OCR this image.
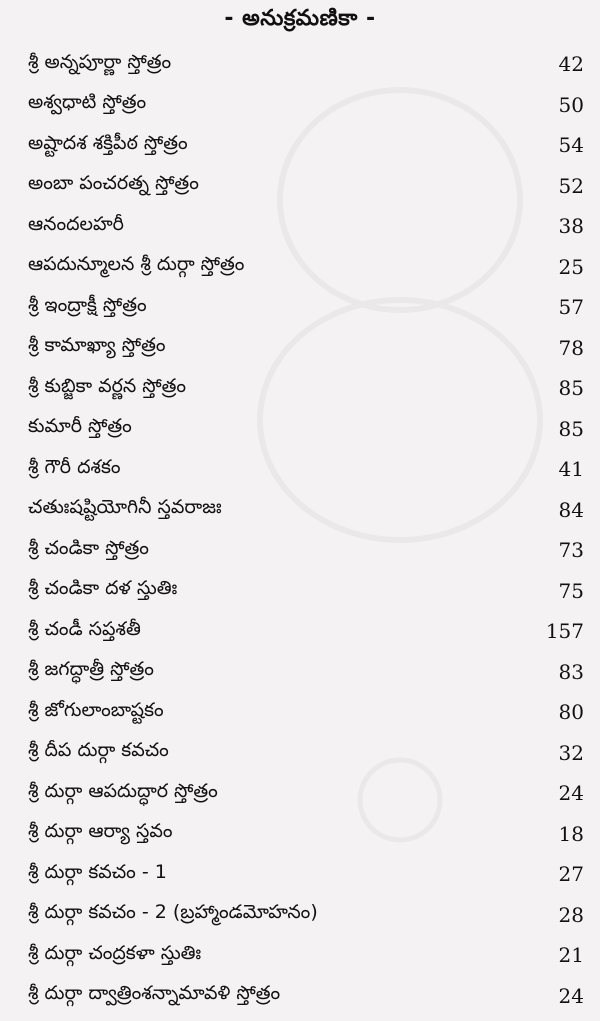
- అనుక్రమణికా -
శ్రీ అన్నపూర్ణా స్తోత్రం	42
అశ్వధాటి స్తోత్రం	50
అష్టాదశ శక్తిపీఠ స్తోత్రం	54
అంబా పంచరత్న స్తోత్రం	52
ఆనందలహరీ	38
ఆపదున్మూలన శ్రీ దుర్గా స్తోత్రం	25
శ్రీ ఇంద్రాక్షీ స్తోత్రం	57
శ్రీ కామాఖ్యా స్తోత్రం	78
శ్రీ కుబ్జికా వర్ణన స్తోత్రం	85
కుమారీ స్తోత్రం	85
శ్రీ గౌరీ దశకం	41
చతుఃషష్టియోగినీ స్తవరాజః	84
శ్రీ చండికా స్తోత్రం	73
శ్రీ చండికా దళ స్తుతిః	75
శ్రీ చండీ సప్తశతీ	157
శ్రీ జగద్ధాత్రీ స్తోత్రం	83
శ్రీ జోగులాంబాష్టకం	80
శ్రీ దీప దుర్గా కవచం	32
శ్రీ దుర్గా ఆపదుద్ధార స్తోత్రం	24
శ్రీ దుర్గా ఆర్యా స్తవం	18
శ్రీ దుర్గా కవచం - 1	27
శ్రీ దుర్గా కవచం - 2 (బ్రహ్మాండమోహనం)	28
శ్రీ దుర్గా చంద్రకళా స్తుతిః	21
శ్రీ దుర్గా ద్వాత్రింశన్నామావళి స్తోత్రం	24
